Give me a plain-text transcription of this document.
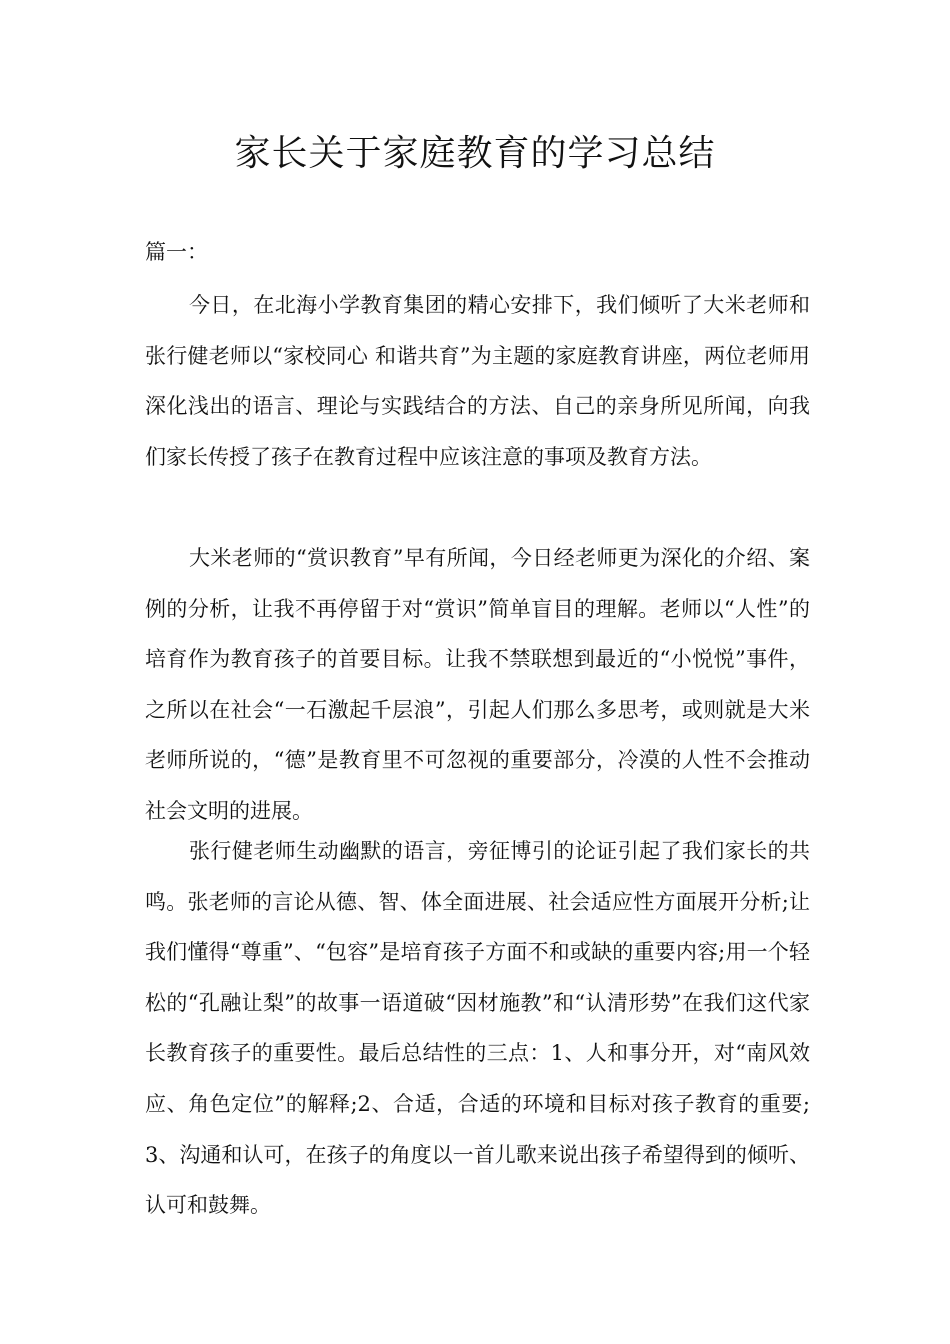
家长关于家庭教育的学习总结

篇一：

今日，在北海小学教育集团的精心安排下，我们倾听了大米老师和张行健老师以“家校同心 和谐共育”为主题的家庭教育讲座，两位老师用深化浅出的语言、理论与实践结合的方法、自己的亲身所见所闻，向我们家长传授了孩子在教育过程中应该注意的事项及教育方法。

大米老师的“赏识教育”早有所闻，今日经老师更为深化的介绍、案例的分析，让我不再停留于对“赏识”简单盲目的理解。老师以“人性”的培育作为教育孩子的首要目标。让我不禁联想到最近的“小悦悦”事件，之所以在社会“一石激起千层浪”，引起人们那么多思考，或则就是大米老师所说的，“德”是教育里不可忽视的重要部分，冷漠的人性不会推动社会文明的进展。

张行健老师生动幽默的语言，旁征博引的论证引起了我们家长的共鸣。张老师的言论从德、智、体全面进展、社会适应性方面展开分析;让我们懂得“尊重”、“包容”是培育孩子方面不和或缺的重要内容;用一个轻松的“孔融让梨”的故事一语道破“因材施教”和“认清形势”在我们这代家长教育孩子的重要性。最后总结性的三点：1、人和事分开，对“南风效应、角色定位”的解释;2、合适，合适的环境和目标对孩子教育的重要;3、沟通和认可，在孩子的角度以一首儿歌来说出孩子希望得到的倾听、认可和鼓舞。
